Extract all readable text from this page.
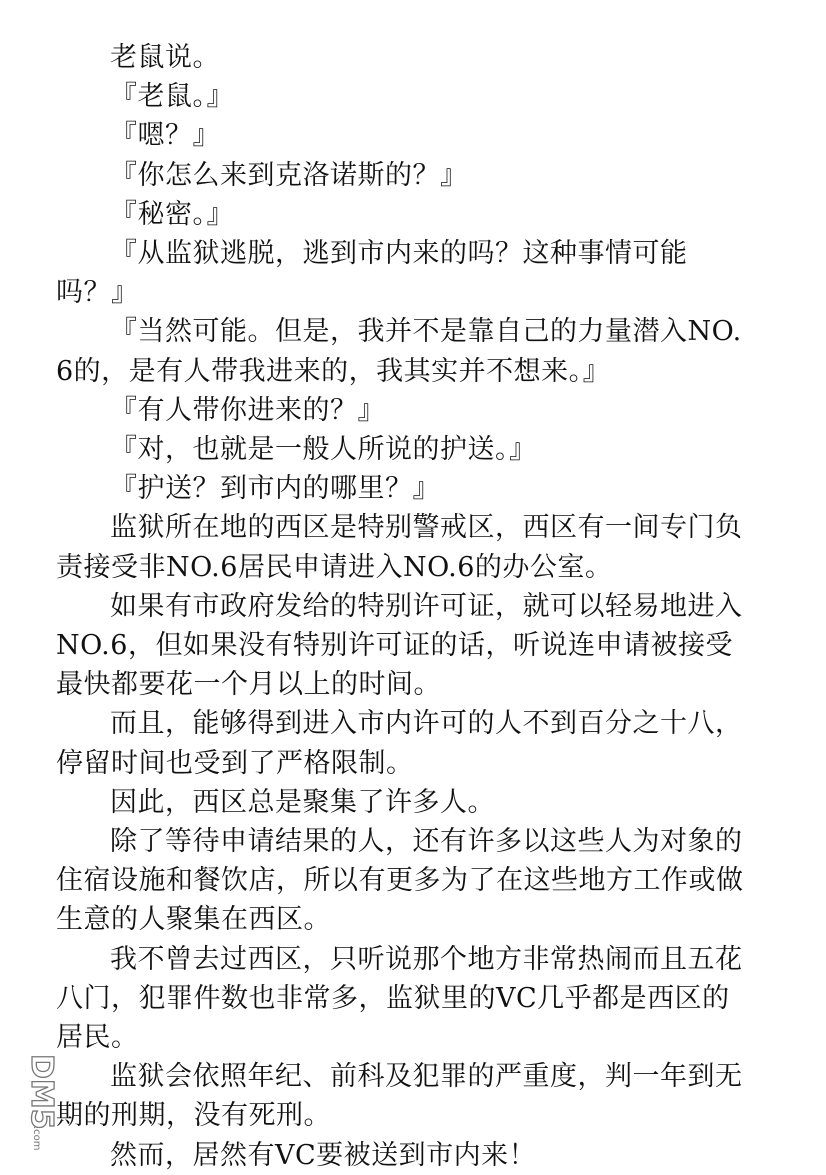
老鼠说。

『老鼠。』

『嗯？』

『你怎么来到克洛诺斯的？』

『秘密。』

『从监狱逃脱，逃到市内来的吗？这种事情可能吗？』

『当然可能。但是，我并不是靠自己的力量潜入NO.6的，是有人带我进来的，我其实并不想来。』

『有人带你进来的？』

『对，也就是一般人所说的护送。』

『护送？到市内的哪里？』

监狱所在地的西区是特别警戒区，西区有一间专门负责接受非NO.6居民申请进入NO.6的办公室。

如果有市政府发给的特别许可证，就可以轻易地进入NO.6，但如果没有特别许可证的话，听说连申请被接受最快都要花一个月以上的时间。

而且，能够得到进入市内许可的人不到百分之十八，停留时间也受到了严格限制。

因此，西区总是聚集了许多人。

除了等待申请结果的人，还有许多以这些人为对象的住宿设施和餐饮店，所以有更多为了在这些地方工作或做生意的人聚集在西区。

我不曾去过西区，只听说那个地方非常热闹而且五花八门，犯罪件数也非常多，监狱里的VC几乎都是西区的居民。

监狱会依照年纪、前科及犯罪的严重度，判一年到无期的刑期，没有死刑。

然而，居然有VC要被送到市内来！

DM5
.com
